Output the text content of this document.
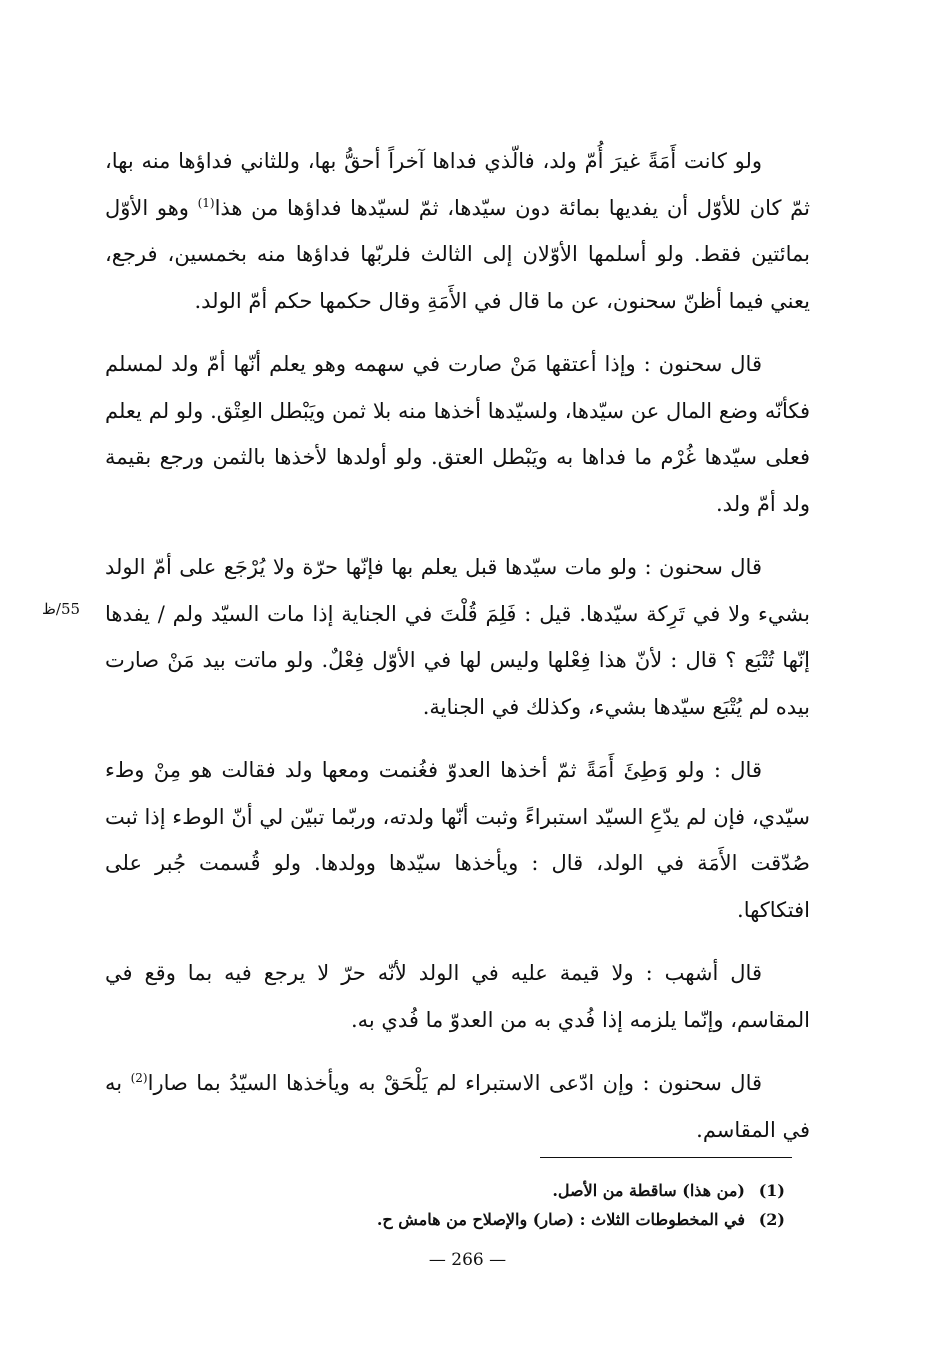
ولو كانت أَمَةً غيرَ أُمّ ولد، فالّذي فداها آخراً أحقُّ بها، وللثاني فداؤها منه بها، ثمّ كان للأوّل أن يفديها بمائة دون سيّدها، ثمّ لسيّدها فداؤها من هذا$^{(1)}$ وهو الأوّل بمائتين فقط. ولو أسلمها الأوّلان إلى الثالث فلربّها فداؤها منه بخمسين، فرجع، يعني فيما أظنّ سحنون، عن ما قال في الأَمَةِ وقال حكمها حكم أمّ الولد.

قال سحنون : وإذا أعتقها مَنْ صارت في سهمه وهو يعلم أنّها أمّ ولد لمسلم فكأنّه وضع المال عن سيّدها، ولسيّدها أخذها منه بلا ثمن ويَبْطل العِتْق. ولو لم يعلم فعلى سيّدها غُرْم ما فداها به ويَبْطل العتق. ولو أولدها لأخذها بالثمن ورجع بقيمة ولد أمّ ولد.

قال سحنون : ولو مات سيّدها قبل يعلم بها فإنّها حرّة ولا يُرْجَع على أمّ الولد بشيء ولا في تَرِكة سيّدها. قيل : فَلِمَ قُلْتَ في الجناية إذا مات السيّد ولم / يفدها إنّها تُتْبَع ؟ قال : لأنّ هذا فِعْلها وليس لها في الأوّل فِعْلٌ. ولو ماتت بيد مَنْ صارت بيده لم يُتْبَع سيّدها بشيء، وكذلك في الجناية.

قال : ولو وَطِئَ أَمَةً ثمّ أخذها العدوّ فغُنمت ومعها ولد فقالت هو مِنْ وطء سيّدي، فإن لم يدّعِ السيّد استبراءً وثبت أنّها ولدته، وربّما تبيّن لي أنّ الوطء إذا ثبت صُدّقت الأَمَة في الولد، قال : ويأخذها سيّدها وولدها. ولو قُسمت جُبر على افتكاكها.

قال أشهب : ولا قيمة عليه في الولد لأنّه حرّ لا يرجع فيه بما وقع في المقاسم، وإنّما يلزمه إذا فُدي به من العدوّ ما فُدي به.

قال سحنون : وإن ادّعى الاستبراء لم يَلْحَقْ به ويأخذها السيّدُ بما صارا$^{(2)}$ به في المقاسم.

55/ظ
(1)(من هذا) ساقطة من الأصل.
(2)في المخطوطات الثلاث : (صار) والإصلاح من هامش ح.
— 266 —
